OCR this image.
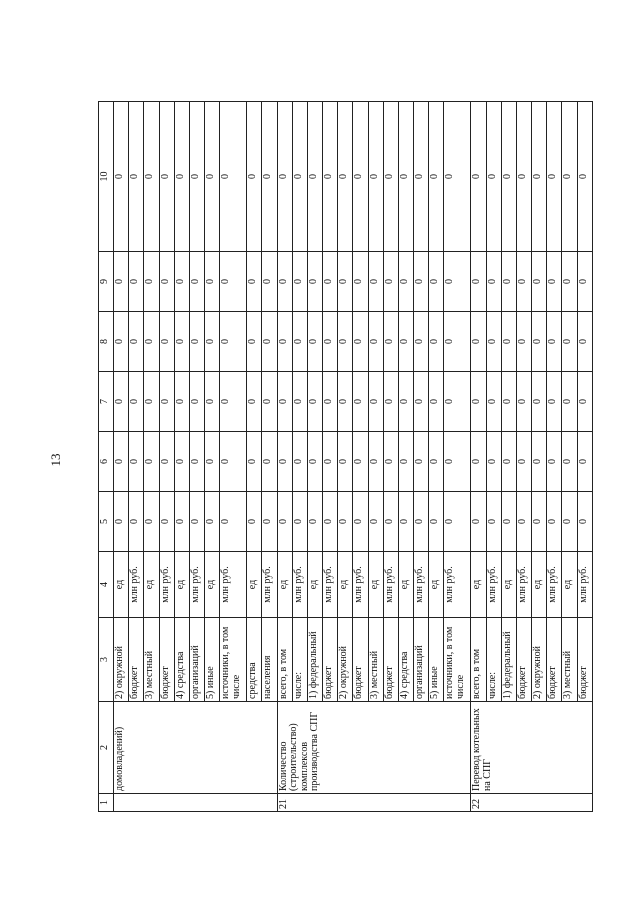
13
1	2	3	4	5	6	7	8	9	10
	домовладений)	2) окружной	ед	0	0	0	0	0	0
		бюджет	млн руб.	0	0	0	0	0	0
		3) местный	ед	0	0	0	0	0	0
		бюджет	млн руб.	0	0	0	0	0	0
		4) средства	ед	0	0	0	0	0	0
		организаций	млн руб.	0	0	0	0	0	0
		5) иные	ед	0	0	0	0	0	0
		источники, в том числе	млн руб.	0	0	0	0	0	0
		средства	ед	0	0	0	0	0	0
		населения	млн руб.	0	0	0	0	0	0
21	Количество (строительство) комплексов производства СПГ	всего, в том	ед	0	0	0	0	0	0
		числе:	млн руб.	0	0	0	0	0	0
		1) федеральный	ед	0	0	0	0	0	0
		бюджет	млн руб.	0	0	0	0	0	0
		2) окружной	ед	0	0	0	0	0	0
		бюджет	млн руб.	0	0	0	0	0	0
		3) местный	ед	0	0	0	0	0	0
		бюджет	млн руб.	0	0	0	0	0	0
		4) средства	ед	0	0	0	0	0	0
		организаций	млн руб.	0	0	0	0	0	0
		5) иные	ед	0	0	0	0	0	0
		источники, в том числе	млн руб.	0	0	0	0	0	0
22	Перевод котельных на СПГ	всего, в том	ед	0	0	0	0	0	0
		числе:	млн руб.	0	0	0	0	0	0
		1) федеральный	ед	0	0	0	0	0	0
		бюджет	млн руб.	0	0	0	0	0	0
		2) окружной	ед	0	0	0	0	0	0
		бюджет	млн руб.	0	0	0	0	0	0
		3) местный	ед	0	0	0	0	0	0
		бюджет	млн руб.	0	0	0	0	0	0
